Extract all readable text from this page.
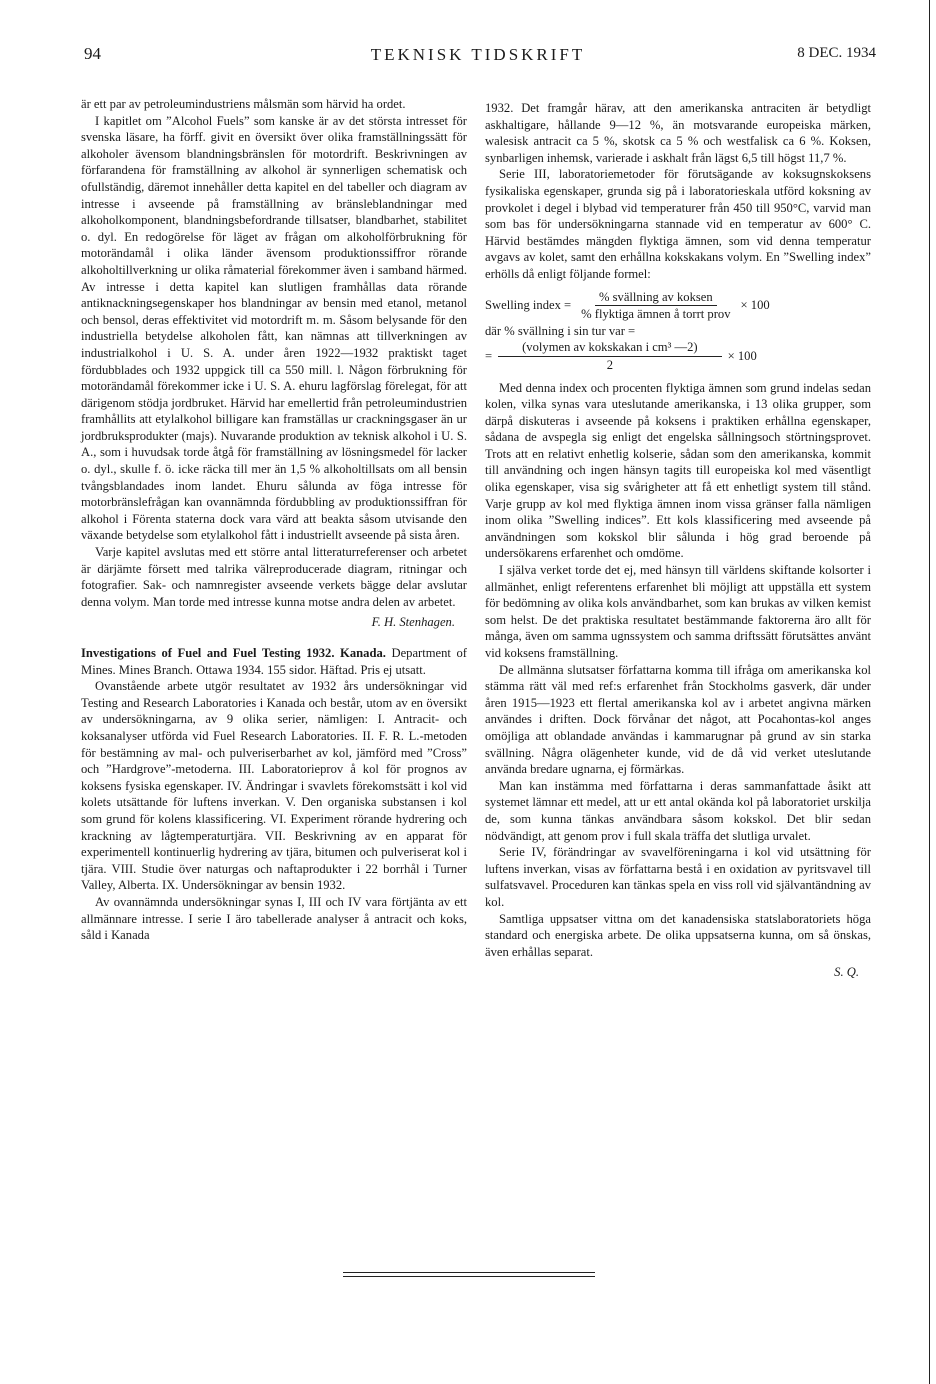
94	TEKNISK TIDSKRIFT	8 DEC. 1934

är ett par av petroleumindustriens målsmän som härvid ha ordet.

I kapitlet om ”Alcohol Fuels” som kanske är av det största intresset för svenska läsare, ha förff. givit en översikt över olika framställningssätt för alkoholer ävensom blandningsbränslen för motordrift. Beskrivningen av förfarandena för framställning av alkohol är synnerligen schematisk och ofullständig, däremot innehåller detta kapitel en del tabeller och diagram av intresse i avseende på framställning av bränsleblandningar med alkoholkomponent, blandningsbefordrande tillsatser, blandbarhet, stabilitet o. dyl. En redogörelse för läget av frågan om alkoholförbrukning för motorändamål i olika länder ävensom produktionssiffror rörande alkoholtillverkning ur olika råmaterial förekommer även i samband härmed. Av intresse i detta kapitel kan slutligen framhållas data rörande antiknackningsegenskaper hos blandningar av bensin med etanol, metanol och bensol, deras effektivitet vid motordrift m. m. Såsom belysande för den industriella betydelse alkoholen fått, kan nämnas att tillverkningen av industrialkohol i U. S. A. under åren 1922—1932 praktiskt taget fördubblades och 1932 uppgick till ca 550 mill. l. Någon förbrukning för motorändamål förekommer icke i U. S. A. ehuru lagförslag förelegat, för att därigenom stödja jordbruket. Härvid har emellertid från petroleumindustrien framhållits att etylalkohol billigare kan framställas ur crackningsgaser än ur jordbruksprodukter (majs). Nuvarande produktion av teknisk alkohol i U. S. A., som i huvudsak torde åtgå för framställning av lösningsmedel för lacker o. dyl., skulle f. ö. icke räcka till mer än 1,5 % alkoholtillsats om all bensin tvångsblandades inom landet. Ehuru sålunda av föga intresse för motorbränslefrågan kan ovannämnda fördubbling av produktionssiffran för alkohol i Förenta staterna dock vara värd att beakta såsom utvisande den växande betydelse som etylalkohol fått i industriellt avseende på sista åren.

Varje kapitel avslutas med ett större antal litteraturreferenser och arbetet är därjämte försett med talrika välreproducerade diagram, ritningar och fotografier. Sak- och namnregister avseende verkets bägge delar avslutar denna volym. Man torde med intresse kunna motse andra delen av arbetet.

F. H. Stenhagen.

Investigations of Fuel and Fuel Testing 1932. Kanada. Department of Mines. Mines Branch. Ottawa 1934. 155 sidor. Häftad. Pris ej utsatt.

Ovanstående arbete utgör resultatet av 1932 års undersökningar vid Testing and Research Laboratories i Kanada och består, utom av en översikt av undersökningarna, av 9 olika serier, nämligen: I. Antracit- och koksanalyser utförda vid Fuel Research Laboratories. II. F. R. L.-metoden för bestämning av mal- och pulveriserbarhet av kol, jämförd med ”Cross” och ”Hardgrove”-metoderna. III. Laboratorieprov å kol för prognos av koksens fysiska egenskaper. IV. Ändringar i svavlets förekomstsätt i kol vid kolets utsättande för luftens inverkan. V. Den organiska substansen i kol som grund för kolens klassificering. VI. Experiment rörande hydrering och krackning av lågtemperaturtjära. VII. Beskrivning av en apparat för experimentell kontinuerlig hydrering av tjära, bitumen och pulveriserat kol i tjära. VIII. Studie över naturgas och naftaprodukter i 22 borrhål i Turner Valley, Alberta. IX. Undersökningar av bensin 1932.

Av ovannämnda undersökningar synas I, III och IV vara förtjänta av ett allmännare intresse. I serie I äro tabellerade analyser å antracit och koks, såld i Kanada

1932. Det framgår härav, att den amerikanska antraciten är betydligt askhaltigare, hållande 9—12 %, än motsvarande europeiska märken, walesisk antracit ca 5 %, skotsk ca 5 % och westfalisk ca 6 %. Koksen, synbarligen inhemsk, varierade i askhalt från lägst 6,5 till högst 11,7 %.

Serie III, laboratoriemetoder för förutsägande av koksugnskoksens fysikaliska egenskaper, grunda sig på i laboratorieskala utförd koksning av provkolet i degel i blybad vid temperaturer från 450 till 950°C, varvid man som bas för undersökningarna stannade vid en temperatur av 600° C. Härvid bestämdes mängden flyktiga ämnen, som vid denna temperatur avgavs av kolet, samt den erhållna kokskakans volym. En ”Swelling index” erhölls då enligt följande formel:

Swelling index = $\frac{\text{\% svällning av koksen}}{\text{\% flyktiga ämnen å torrt prov}} \times 100$
där % svällning i sin tur var =
= $\frac{\text{(volymen av kokskakan i cm³ —2)}}{2} \times 100$

Med denna index och procenten flyktiga ämnen som grund indelas sedan kolen, vilka synas vara uteslutande amerikanska, i 13 olika grupper, som därpå diskuteras i avseende på koksens i praktiken erhållna egenskaper, sådana de avspegla sig enligt det engelska sållningsoch störtningsprovet. Trots att en relativt enhetlig kolserie, sådan som den amerikanska, kommit till användning och ingen hänsyn tagits till europeiska kol med väsentligt olika egenskaper, visa sig svårigheter att få ett enhetligt system till stånd. Varje grupp av kol med flyktiga ämnen inom vissa gränser falla nämligen inom olika ”Swelling indices”. Ett kols klassificering med avseende på användningen som kokskol blir sålunda i hög grad beroende på undersökarens erfarenhet och omdöme.

I själva verket torde det ej, med hänsyn till världens skiftande kolsorter i allmänhet, enligt referentens erfarenhet bli möjligt att uppställa ett system för bedömning av olika kols användbarhet, som kan brukas av vilken kemist som helst. De det praktiska resultatet bestämmande faktorerna äro allt för många, även om samma ugnssystem och samma driftssätt förutsättes använt vid koksens framställning.

De allmänna slutsatser författarna komma till ifråga om amerikanska kol stämma rätt väl med ref:s erfarenhet från Stockholms gasverk, där under åren 1915—1923 ett flertal amerikanska kol av i arbetet angivna märken användes i driften. Dock förvånar det något, att Pocahontas-kol anges omöjliga att oblandade användas i kammarugnar på grund av sin starka svällning. Några olägenheter kunde, vid de då vid verket uteslutande använda bredare ugnarna, ej förmärkas.

Man kan instämma med författarna i deras sammanfattade åsikt att systemet lämnar ett medel, att ur ett antal okända kol på laboratoriet urskilja de, som kunna tänkas användbara såsom kokskol. Det blir sedan nödvändigt, att genom prov i full skala träffa det slutliga urvalet.

Serie IV, förändringar av svavelföreningarna i kol vid utsättning för luftens inverkan, visas av författarna bestå i en oxidation av pyritsvavel till sulfatsvavel. Proceduren kan tänkas spela en viss roll vid självantändning av kol.

Samtliga uppsatser vittna om det kanadensiska statslaboratoriets höga standard och energiska arbete. De olika uppsatserna kunna, om så önskas, även erhållas separat.

S. Q.
